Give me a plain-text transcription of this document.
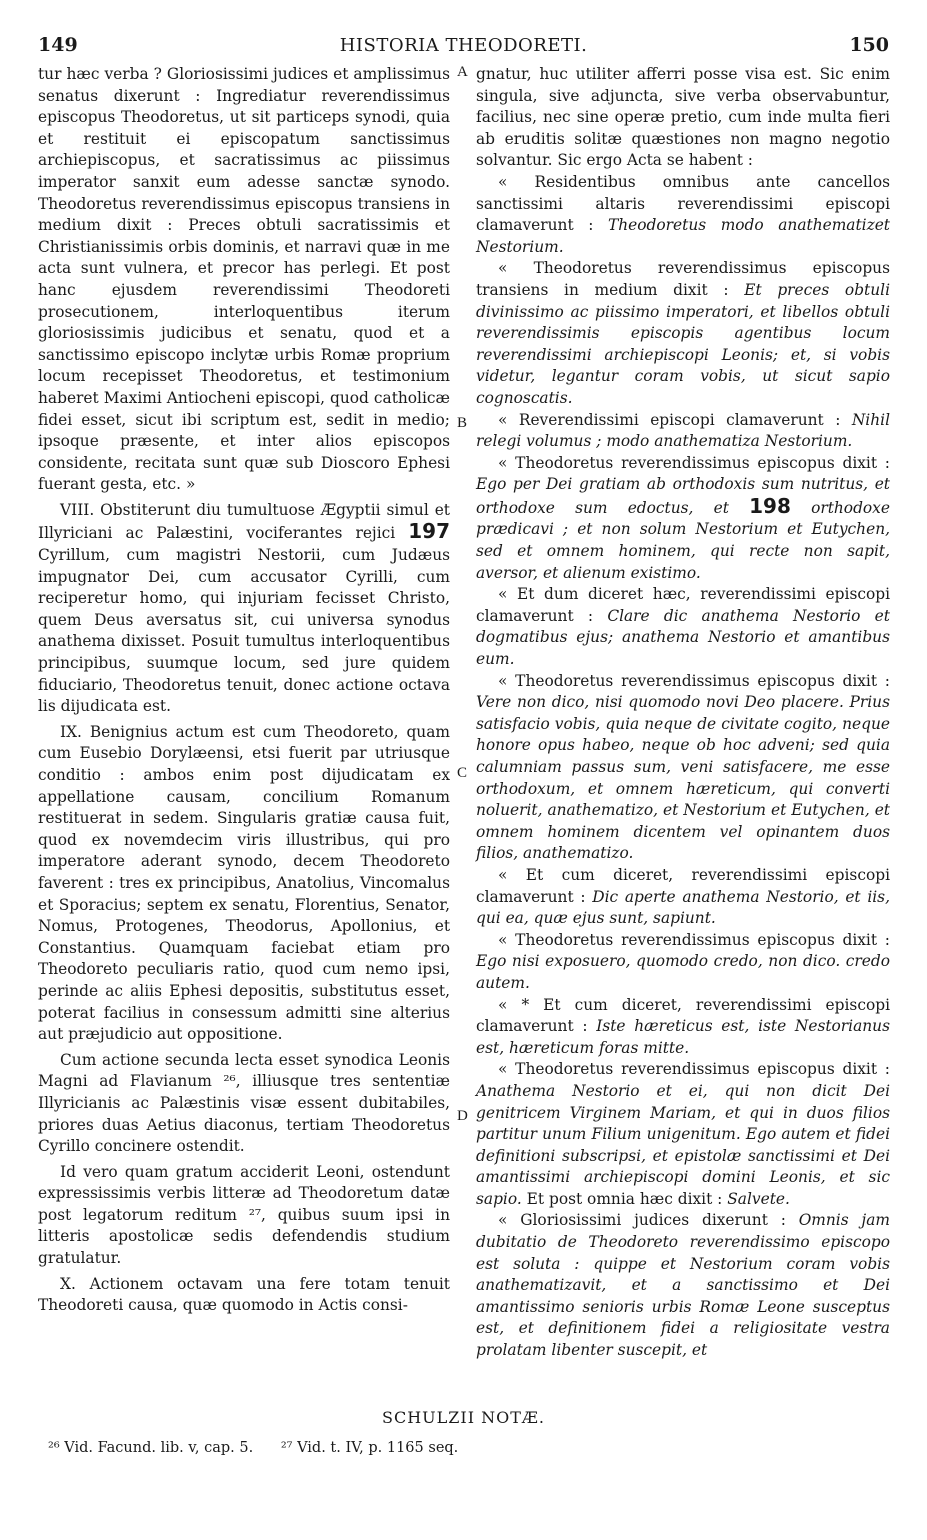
149	HISTORIA THEODORETI.	150
A
B
C
D

tur hæc verba ? Gloriosissimi judices et amplissimus senatus dixerunt : Ingrediatur reverendissimus episcopus Theodoretus, ut sit particeps synodi, quia et restituit ei episcopatum sanctissimus archiepiscopus, et sacratissimus ac piissimus imperator sanxit eum adesse sanctæ synodo. Theodoretus reverendissimus episcopus transiens in medium dixit : Preces obtuli sacratissimis et Christianissimis orbis dominis, et narravi quæ in me acta sunt vulnera, et precor has perlegi. Et post hanc ejusdem reverendissimi Theodoreti prosecutionem, interloquentibus iterum gloriosissimis judicibus et senatu, quod et a sanctissimo episcopo inclytæ urbis Romæ proprium locum recepisset Theodoretus, et testimonium haberet Maximi Antiocheni episcopi, quod catholicæ fidei esset, sicut ibi scriptum est, sedit in medio; ipsoque præsente, et inter alios episcopos considente, recitata sunt quæ sub Dioscoro Ephesi fuerant gesta, etc. »

VIII. Obstiterunt diu tumultuose Ægyptii simul et Illyriciani ac Palæstini, vociferantes rejici 197 Cyrillum, cum magistri Nestorii, cum Judæus impugnator Dei, cum accusator Cyrilli, cum reciperetur homo, qui injuriam fecisset Christo, quem Deus aversatus sit, cui universa synodus anathema dixisset. Posuit tumultus interloquentibus principibus, suumque locum, sed jure quidem fiduciario, Theodoretus tenuit, donec actione octava lis dijudicata est.

IX. Benignius actum est cum Theodoreto, quam cum Eusebio Dorylæensi, etsi fuerit par utriusque conditio : ambos enim post dijudicatam ex appellatione causam, concilium Romanum restituerat in sedem. Singularis gratiæ causa fuit, quod ex novemdecim viris illustribus, qui pro imperatore aderant synodo, decem Theodoreto faverent : tres ex principibus, Anatolius, Vincomalus et Sporacius; septem ex senatu, Florentius, Senator, Nomus, Protogenes, Theodorus, Apollonius, et Constantius. Quamquam faciebat etiam pro Theodoreto peculiaris ratio, quod cum nemo ipsi, perinde ac aliis Ephesi depositis, substitutus esset, poterat facilius in consessum admitti sine alterius aut præjudicio aut oppositione.

Cum actione secunda lecta esset synodica Leonis Magni ad Flavianum ²⁶, illiusque tres sententiæ Illyricianis ac Palæstinis visæ essent dubitabiles, priores duas Aetius diaconus, tertiam Theodoretus Cyrillo concinere ostendit.

Id vero quam gratum acciderit Leoni, ostendunt expressissimis verbis litteræ ad Theodoretum datæ post legatorum reditum ²⁷, quibus suum ipsi in litteris apostolicæ sedis defendendis studium gratulatur.

X. Actionem octavam una fere totam tenuit Theodoreti causa, quæ quomodo in Actis consi-

gnatur, huc utiliter afferri posse visa est. Sic enim singula, sive adjuncta, sive verba observabuntur, facilius, nec sine operæ pretio, cum inde multa fieri ab eruditis solitæ quæstiones non magno negotio solvantur. Sic ergo Acta se habent :

« Residentibus omnibus ante cancellos sanctissimi altaris reverendissimi episcopi clamaverunt : Theodoretus modo anathematizet Nestorium.

« Theodoretus reverendissimus episcopus transiens in medium dixit : Et preces obtuli divinissimo ac piissimo imperatori, et libellos obtuli reverendissimis episcopis agentibus locum reverendissimi archiepiscopi Leonis; et, si vobis videtur, legantur coram vobis, ut sicut sapio cognoscatis.

« Reverendissimi episcopi clamaverunt : Nihil relegi volumus ; modo anathematiza Nestorium.

« Theodoretus reverendissimus episcopus dixit : Ego per Dei gratiam ab orthodoxis sum nutritus, et orthodoxe sum edoctus, et 198 orthodoxe prædicavi ; et non solum Nestorium et Eutychen, sed et omnem hominem, qui recte non sapit, aversor, et alienum existimo.

« Et dum diceret hæc, reverendissimi episcopi clamaverunt : Clare dic anathema Nestorio et dogmatibus ejus; anathema Nestorio et amantibus eum.

« Theodoretus reverendissimus episcopus dixit : Vere non dico, nisi quomodo novi Deo placere. Prius satisfacio vobis, quia neque de civitate cogito, neque honore opus habeo, neque ob hoc adveni; sed quia calumniam passus sum, veni satisfacere, me esse orthodoxum, et omnem hæreticum, qui converti noluerit, anathematizo, et Nestorium et Eutychen, et omnem hominem dicentem vel opinantem duos filios, anathematizo.

« Et cum diceret, reverendissimi episcopi clamaverunt : Dic aperte anathema Nestorio, et iis, qui ea, quæ ejus sunt, sapiunt.

« Theodoretus reverendissimus episcopus dixit : Ego nisi exposuero, quomodo credo, non dico. credo autem.

« * Et cum diceret, reverendissimi episcopi clamaverunt : Iste hæreticus est, iste Nestorianus est, hæreticum foras mitte.

« Theodoretus reverendissimus episcopus dixit : Anathema Nestorio et ei, qui non dicit Dei genitricem Virginem Mariam, et qui in duos filios partitur unum Filium unigenitum. Ego autem et fidei definitioni subscripsi, et epistolæ sanctissimi et Dei amantissimi archiepiscopi domini Leonis, et sic sapio. Et post omnia hæc dixit : Salvete.

« Gloriosissimi judices dixerunt : Omnis jam dubitatio de Theodoreto reverendissimo episcopo est soluta : quippe et Nestorium coram vobis anathematizavit, et a sanctissimo et Dei amantissimo senioris urbis Romæ Leone susceptus est, et definitionem fidei a religiositate vestra prolatam libenter suscepit, et

SCHULZII NOTÆ.
²⁶ Vid. Facund. lib. v, cap. 5. ²⁷ Vid. t. IV, p. 1165 seq.
